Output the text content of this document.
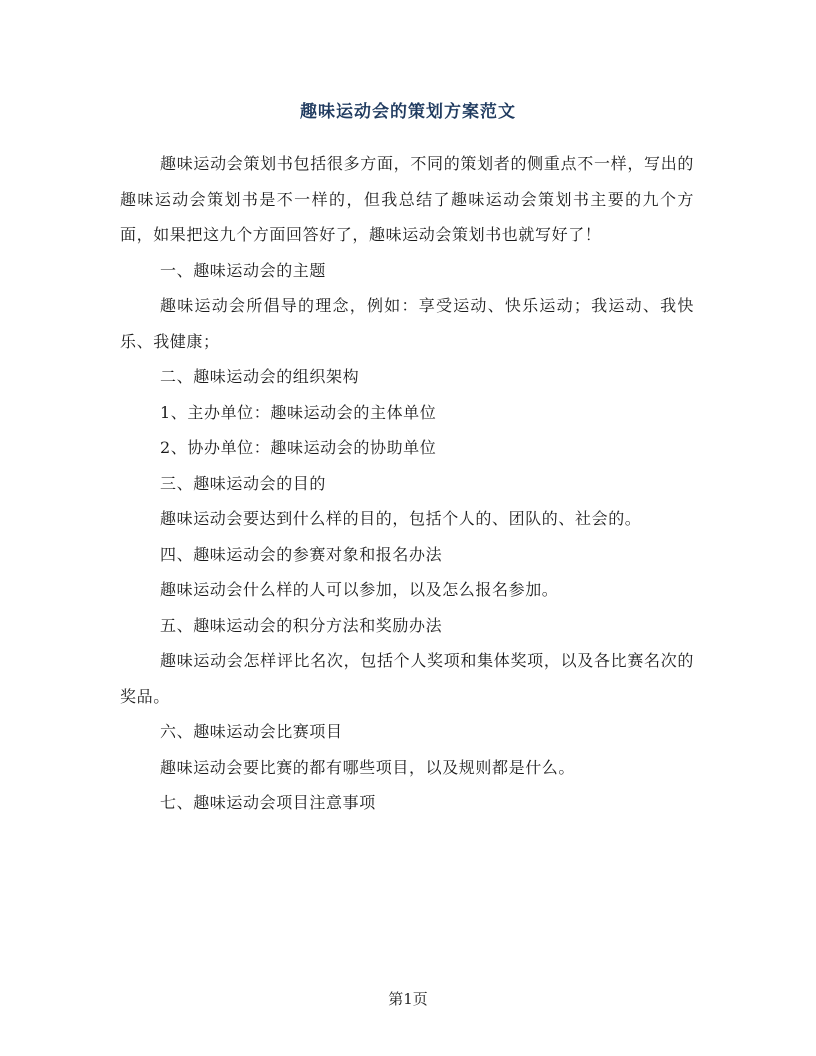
趣味运动会的策划方案范文

趣味运动会策划书包括很多方面，不同的策划者的侧重点不一样，写出的趣味运动会策划书是不一样的，但我总结了趣味运动会策划书主要的九个方面，如果把这九个方面回答好了，趣味运动会策划书也就写好了！

一、趣味运动会的主题

趣味运动会所倡导的理念，例如：享受运动、快乐运动；我运动、我快乐、我健康；

二、趣味运动会的组织架构

1、主办单位：趣味运动会的主体单位

2、协办单位：趣味运动会的协助单位

三、趣味运动会的目的

趣味运动会要达到什么样的目的，包括个人的、团队的、社会的。

四、趣味运动会的参赛对象和报名办法

趣味运动会什么样的人可以参加，以及怎么报名参加。

五、趣味运动会的积分方法和奖励办法

趣味运动会怎样评比名次，包括个人奖项和集体奖项，以及各比赛名次的奖品。

六、趣味运动会比赛项目

趣味运动会要比赛的都有哪些项目，以及规则都是什么。

七、趣味运动会项目注意事项

第1页
